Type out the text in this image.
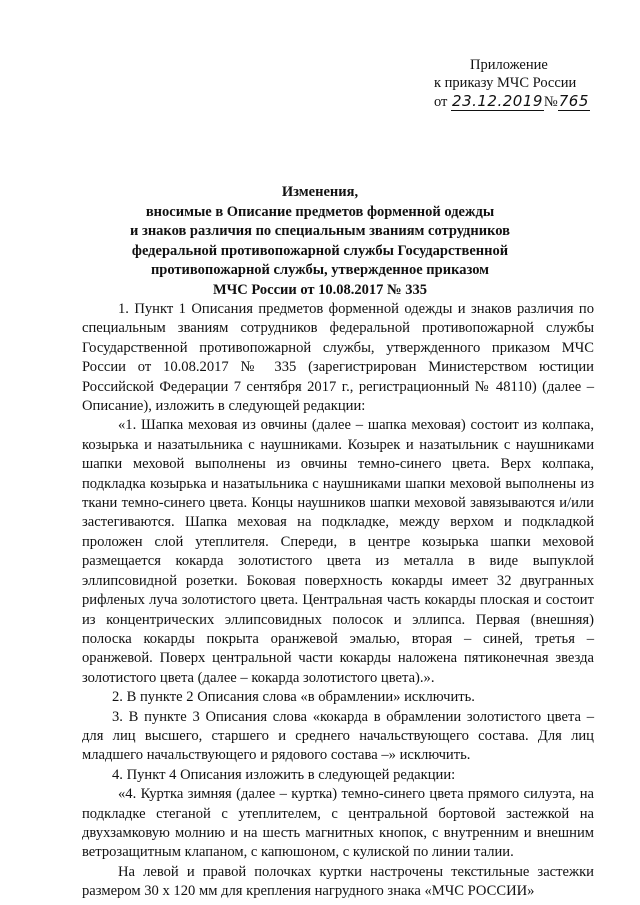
Приложение
к приказу МЧС России
от 23.12.2019№765
Изменения,
вносимые в Описание предметов форменной одежды
и знаков различия по специальным званиям сотрудников
федеральной противопожарной службы Государственной
противопожарной службы, утвержденное приказом
МЧС России от 10.08.2017 № 335

1. Пункт 1 Описания предметов форменной одежды и знаков различия по специальным званиям сотрудников федеральной противопожарной службы Государственной противопожарной службы, утвержденного приказом МЧС России от 10.08.2017 № 335 (зарегистрирован Министерством юстиции Российской Федерации 7 сентября 2017 г., регистрационный № 48110) (далее – Описание), изложить в следующей редакции:

«1. Шапка меховая из овчины (далее – шапка меховая) состоит из колпака, козырька и назатыльника с наушниками. Козырек и назатыльник с наушниками шапки меховой выполнены из овчины темно-синего цвета. Верх колпака, подкладка козырька и назатыльника с наушниками шапки меховой выполнены из ткани темно-синего цвета. Концы наушников шапки меховой завязываются и/или застегиваются. Шапка меховая на подкладке, между верхом и подкладкой проложен слой утеплителя. Спереди, в центре козырька шапки меховой размещается кокарда золотистого цвета из металла в виде выпуклой эллипсовидной розетки. Боковая поверхность кокарды имеет 32 двугранных рифленых луча золотистого цвета. Центральная часть кокарды плоская и состоит из концентрических эллипсовидных полосок и эллипса. Первая (внешняя) полоска кокарды покрыта оранжевой эмалью, вторая – синей, третья – оранжевой. Поверх центральной части кокарды наложена пятиконечная звезда золотистого цвета (далее – кокарда золотистого цвета).».

2. В пункте 2 Описания слова «в обрамлении» исключить.

3. В пункте 3 Описания слова «кокарда в обрамлении золотистого цвета – для лиц высшего, старшего и среднего начальствующего состава. Для лиц младшего начальствующего и рядового состава –» исключить.

4. Пункт 4 Описания изложить в следующей редакции:

«4. Куртка зимняя (далее – куртка) темно-синего цвета прямого силуэта, на подкладке стеганой с утеплителем, с центральной бортовой застежкой на двухзамковую молнию и на шесть магнитных кнопок, с внутренним и внешним ветрозащитным клапаном, с капюшоном, с кулиской по линии талии.

На левой и правой полочках куртки настрочены текстильные застежки размером 30 x 120 мм для крепления нагрудного знака «МЧС РОССИИ»
